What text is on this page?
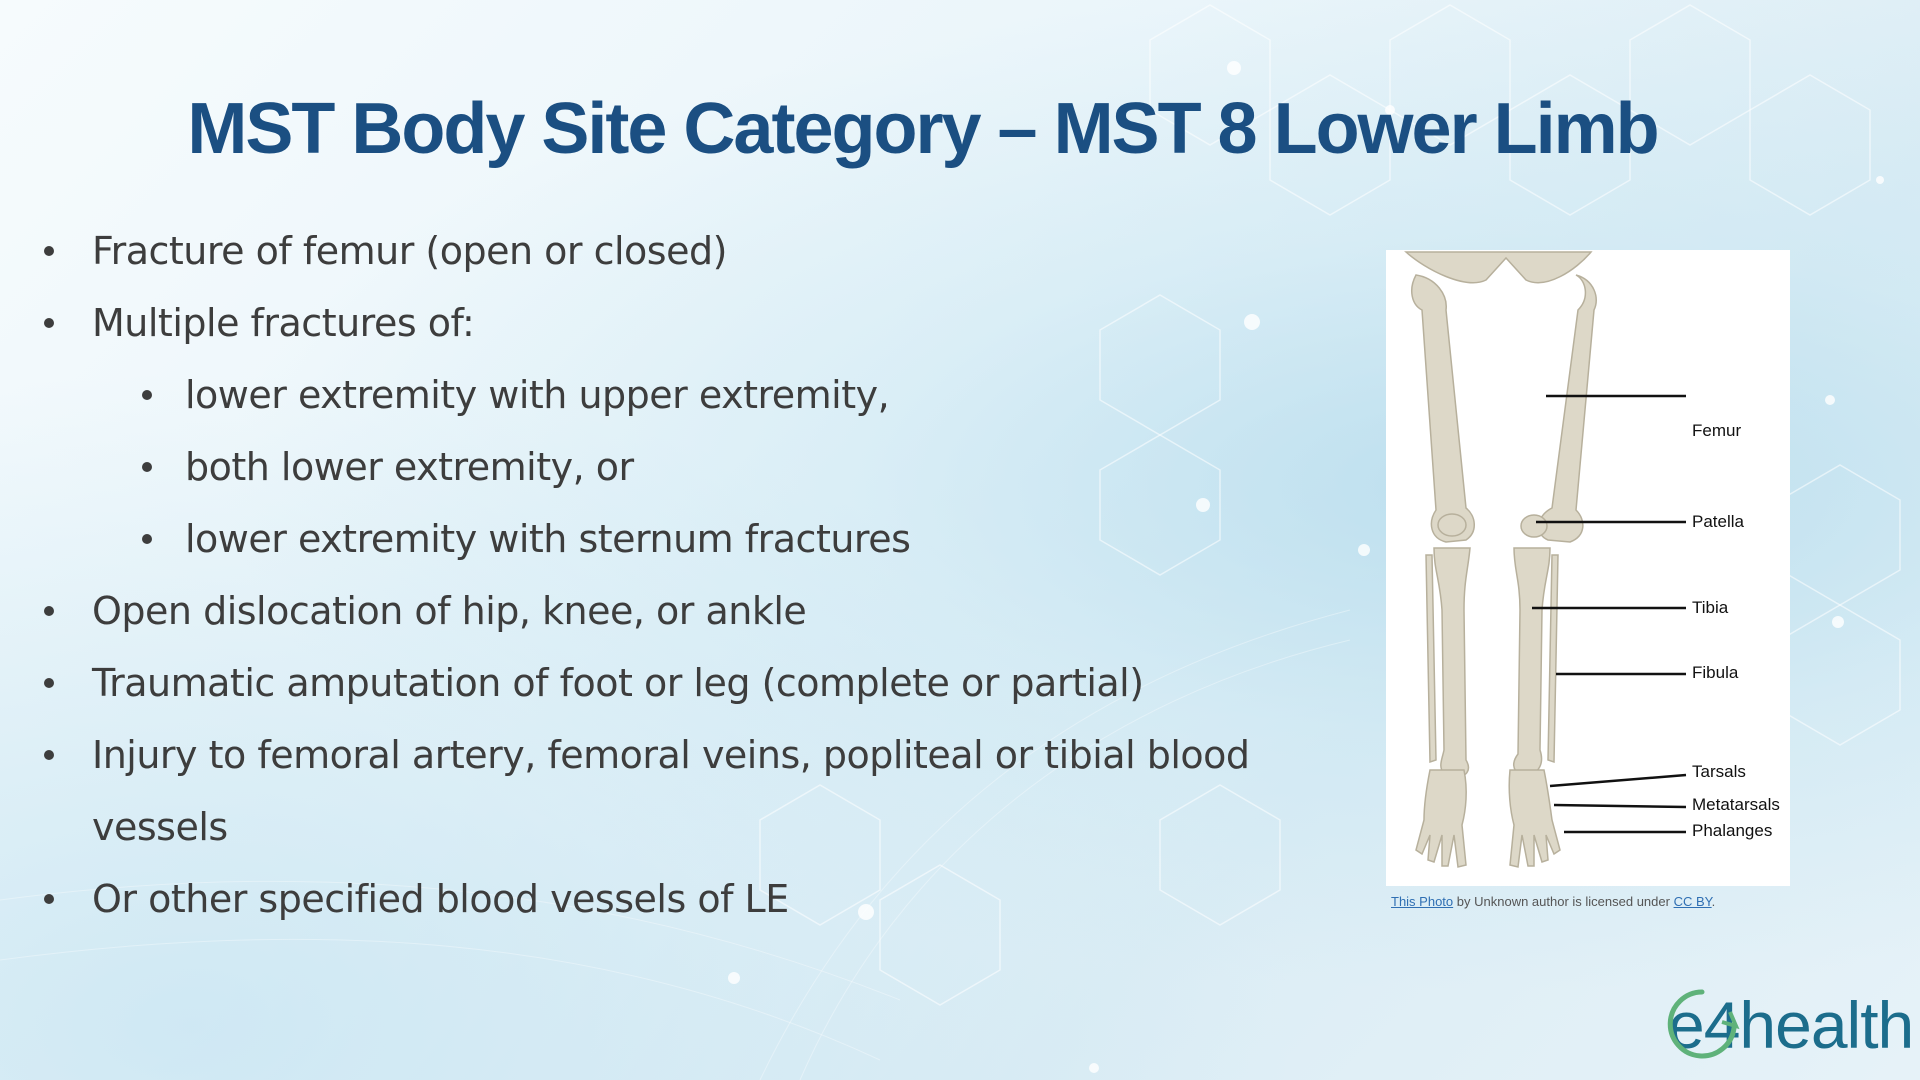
MST Body Site Category – MST 8 Lower Limb
Fracture of femur (open or closed)
Multiple fractures of:
lower extremity with upper extremity,
both lower extremity, or
lower extremity with sternum fractures
Open dislocation of hip, knee, or ankle
Traumatic amputation of foot or leg (complete or partial)
Injury to femoral artery, femoral veins, popliteal or tibial blood
vessels
Or other specified blood vessels of LE
Femur
Patella
Tibia
Fibula
Tarsals
Metatarsals
Phalanges
This Photo by Unknown author is licensed under CC BY.
e4health
